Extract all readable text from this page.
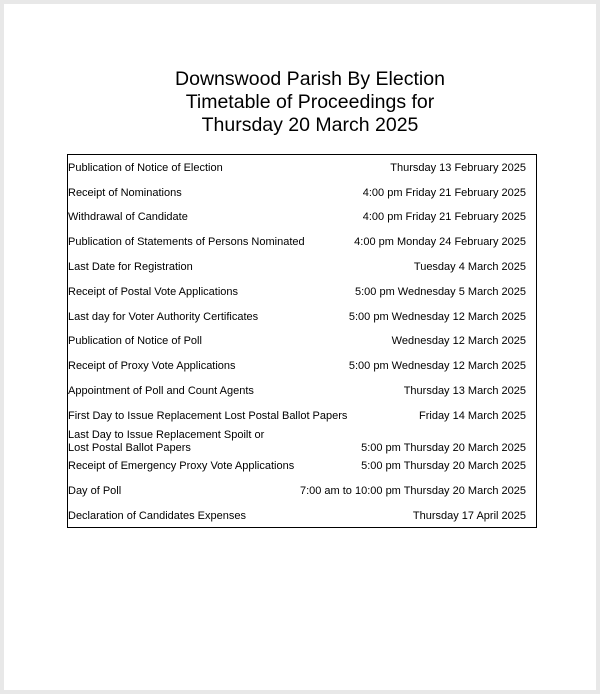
Downswood Parish By Election
Timetable of Proceedings for
Thursday 20 March 2025
Publication of Notice of Election	Thursday 13 February 2025
Receipt of Nominations	4:00 pm Friday 21 February 2025
Withdrawal of Candidate	4:00 pm Friday 21 February 2025
Publication of Statements of Persons Nominated	4:00 pm Monday 24 February 2025
Last Date for Registration	Tuesday 4 March 2025
Receipt of Postal Vote Applications	5:00 pm Wednesday 5 March 2025
Last day for Voter Authority Certificates	5:00 pm Wednesday 12 March 2025
Publication of Notice of Poll	Wednesday 12 March 2025
Receipt of Proxy Vote Applications	5:00 pm Wednesday 12 March 2025
Appointment of Poll and Count Agents	Thursday 13 March 2025
First Day to Issue Replacement Lost Postal Ballot Papers	Friday 14 March 2025
Last Day to Issue Replacement Spoilt or
Lost Postal Ballot Papers	5:00 pm Thursday 20 March 2025
Receipt of Emergency Proxy Vote Applications	5:00 pm Thursday 20 March 2025
Day of Poll	7:00 am to 10:00 pm Thursday 20 March 2025
Declaration of Candidates Expenses	Thursday 17 April 2025
